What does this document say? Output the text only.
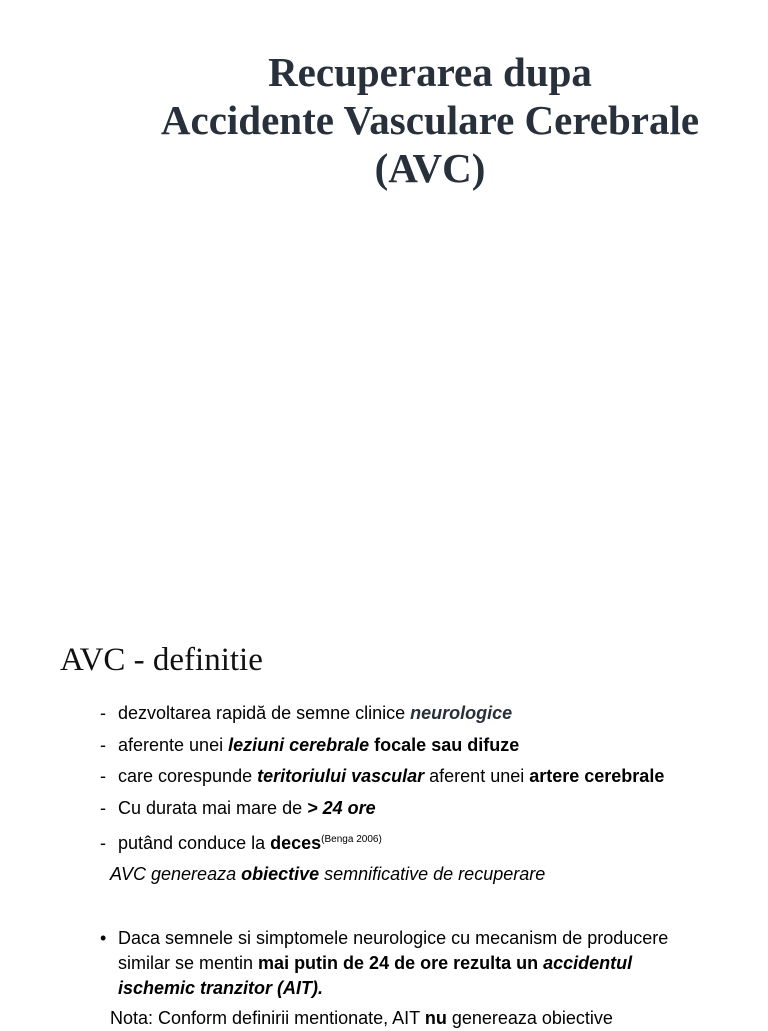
Recuperarea dupa
Accidente Vasculare Cerebrale
(AVC)
AVC - definitie
- dezvoltarea rapidă de semne clinice neurologice
- aferente unei leziuni cerebrale focale sau difuze
- care corespunde teritoriului vascular aferent unei artere cerebrale
- Cu durata mai mare de > 24 ore
- putând conduce la deces$^{(Benga 2006)}$
AVC genereaza obiective semnificative de recuperare
• Daca semnele si simptomele neurologice cu mecanism de producere
similar se mentin mai putin de 24 de ore rezulta un accidentul
ischemic tranzitor (AIT).
Nota: Conform definirii mentionate, AIT nu genereaza obiective
